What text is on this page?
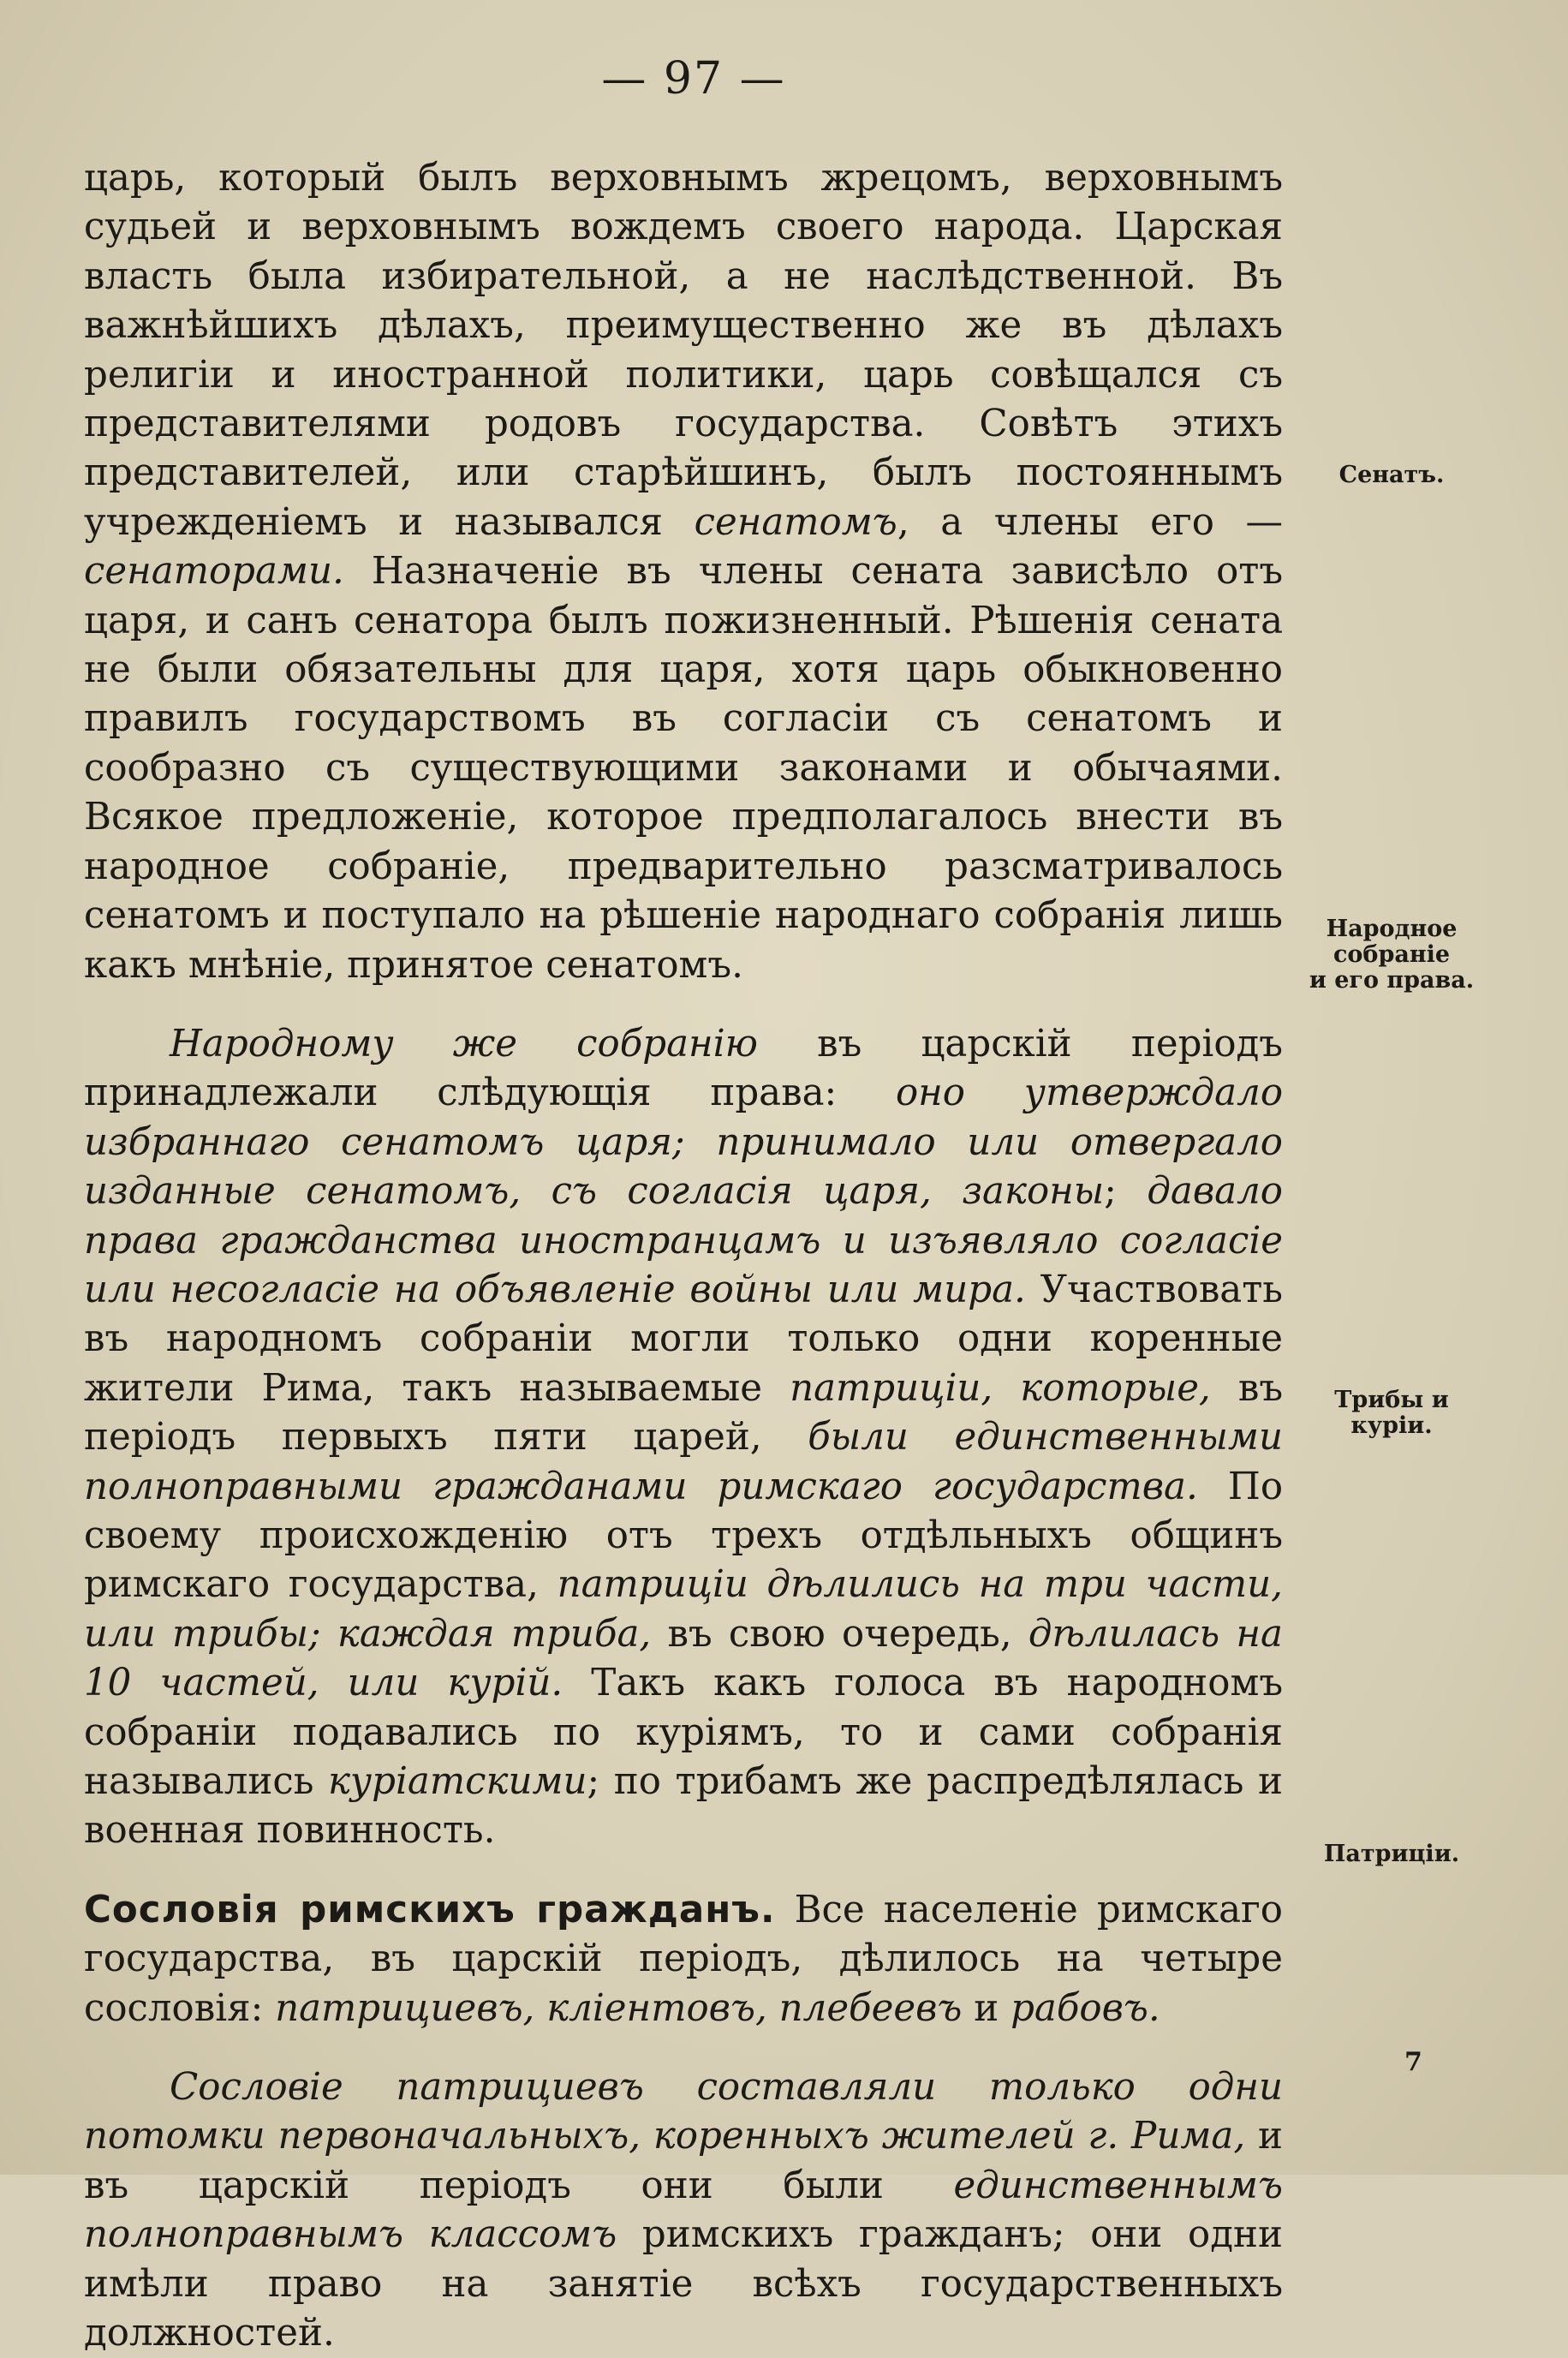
— 97 —

царь, который былъ верховнымъ жрецомъ, верховнымъ судьей и верховнымъ вождемъ своего народа. Царская власть была избирательной, а не наслѣдственной. Въ важнѣйшихъ дѣлахъ, преимущественно же въ дѣлахъ религіи и иностранной политики, царь совѣщался съ представителями родовъ государства. Совѣтъ этихъ представителей, или старѣйшинъ, былъ постояннымъ учрежденіемъ и назывался сенатомъ, а члены его — сенаторами. Назначеніе въ члены сената зависѣло отъ царя, и санъ сенатора былъ пожизненный. Рѣшенія сената не были обязательны для царя, хотя царь обыкновенно правилъ государствомъ въ согласіи съ сенатомъ и сообразно съ существующими законами и обычаями. Всякое предложеніе, которое предполагалось внести въ народное собраніе, предварительно разсматривалось сенатомъ и поступало на рѣшеніе народнаго собранія лишь какъ мнѣніе, принятое сенатомъ.

Народному же собранію въ царскій періодъ принадлежали слѣдующія права: оно утверждало избраннаго сенатомъ царя; принимало или отвергало изданные сенатомъ, съ согласія царя, законы; давало права гражданства иностранцамъ и изъявляло согласіе или несогласіе на объявленіе войны или мира. Участвовать въ народномъ собраніи могли только одни коренные жители Рима, такъ называемые патриціи, которые, въ періодъ первыхъ пяти царей, были единственными полноправными гражданами римскаго государства. По своему происхожденію отъ трехъ отдѣльныхъ общинъ римскаго государства, патриціи дѣлились на три части, или трибы; каждая триба, въ свою очередь, дѣлилась на 10 частей, или курій. Такъ какъ голоса въ народномъ собраніи подавались по куріямъ, то и сами собранія назывались куріатскими; по трибамъ же распредѣлялась и военная повинность.

Сословія римскихъ гражданъ. Все населеніе римскаго государства, въ царскій періодъ, дѣлилось на четыре сословія: патрициевъ, кліентовъ, плебеевъ и рабовъ.

Сословіе патрициевъ составляли только одни потомки первоначальныхъ, коренныхъ жителей г. Рима, и въ царскій періодъ они были единственнымъ полноправнымъ классомъ римскихъ гражданъ; они одни имѣли право на занятіе всѣхъ государственныхъ должностей.

Сенатъ.
Народное
собраніе
и его права.
Трибы и
куріи.
Патриціи.
7
